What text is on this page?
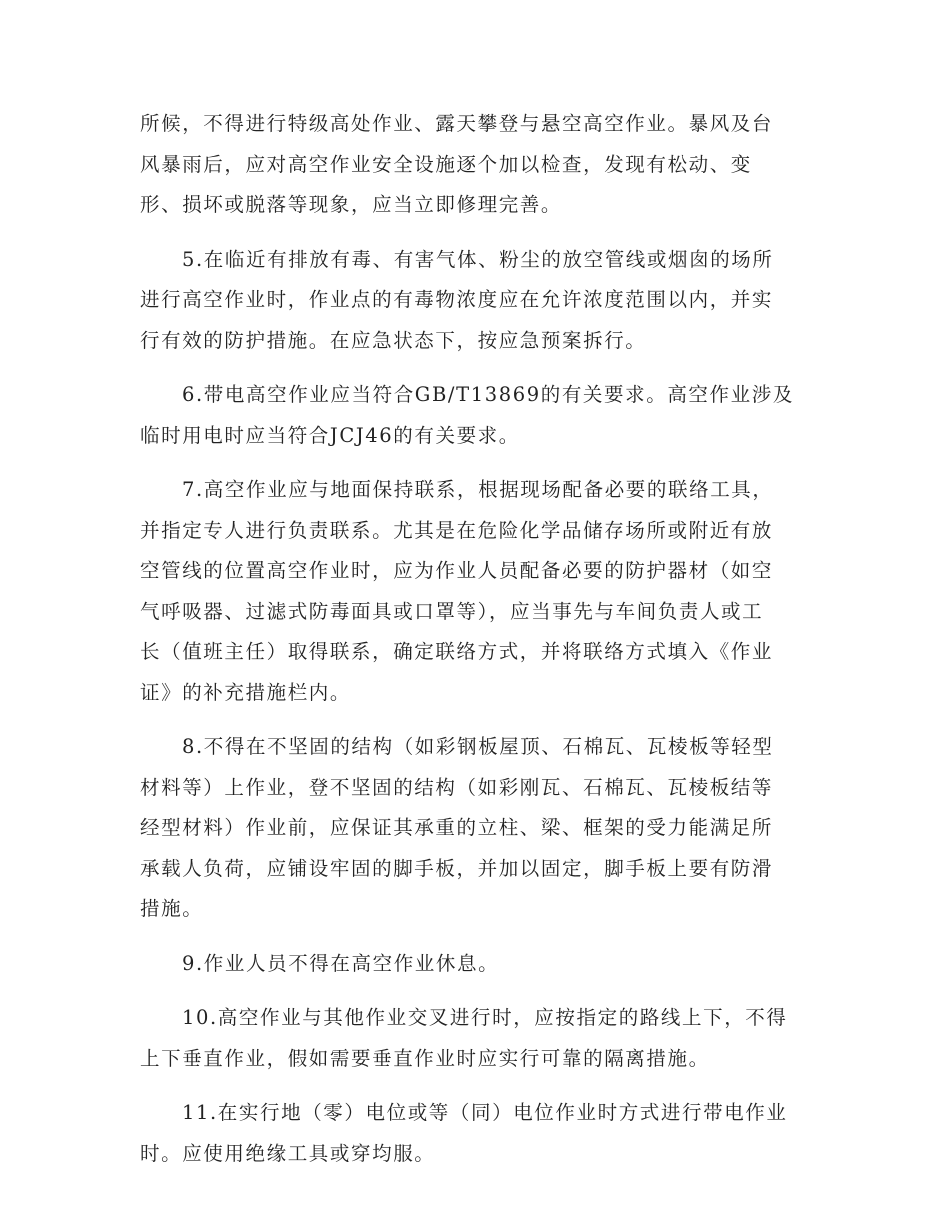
所候，不得进行特级高处作业、露天攀登与悬空高空作业。暴风及台
风暴雨后，应对高空作业安全设施逐个加以检查，发现有松动、变
形、损坏或脱落等现象，应当立即修理完善。

5.在临近有排放有毒、有害气体、粉尘的放空管线或烟囱的场所
进行高空作业时，作业点的有毒物浓度应在允许浓度范围以内，并实
行有效的防护措施。在应急状态下，按应急预案拆行。

6.带电高空作业应当符合GB/T13869的有关要求。高空作业涉及
临时用电时应当符合JCJ46的有关要求。

7.高空作业应与地面保持联系，根据现场配备必要的联络工具，
并指定专人进行负责联系。尤其是在危险化学品储存场所或附近有放
空管线的位置高空作业时，应为作业人员配备必要的防护器材（如空
气呼吸器、过滤式防毒面具或口罩等），应当事先与车间负责人或工
长（值班主任）取得联系，确定联络方式，并将联络方式填入《作业
证》的补充措施栏内。

8.不得在不坚固的结构（如彩钢板屋顶、石棉瓦、瓦棱板等轻型
材料等）上作业，登不坚固的结构（如彩刚瓦、石棉瓦、瓦棱板结等
经型材料）作业前，应保证其承重的立柱、梁、框架的受力能满足所
承载人负荷，应铺设牢固的脚手板，并加以固定，脚手板上要有防滑
措施。

9.作业人员不得在高空作业休息。

10.高空作业与其他作业交叉进行时，应按指定的路线上下，不得
上下垂直作业，假如需要垂直作业时应实行可靠的隔离措施。

11.在实行地（零）电位或等（同）电位作业时方式进行带电作业
时。应使用绝缘工具或穿均服。
